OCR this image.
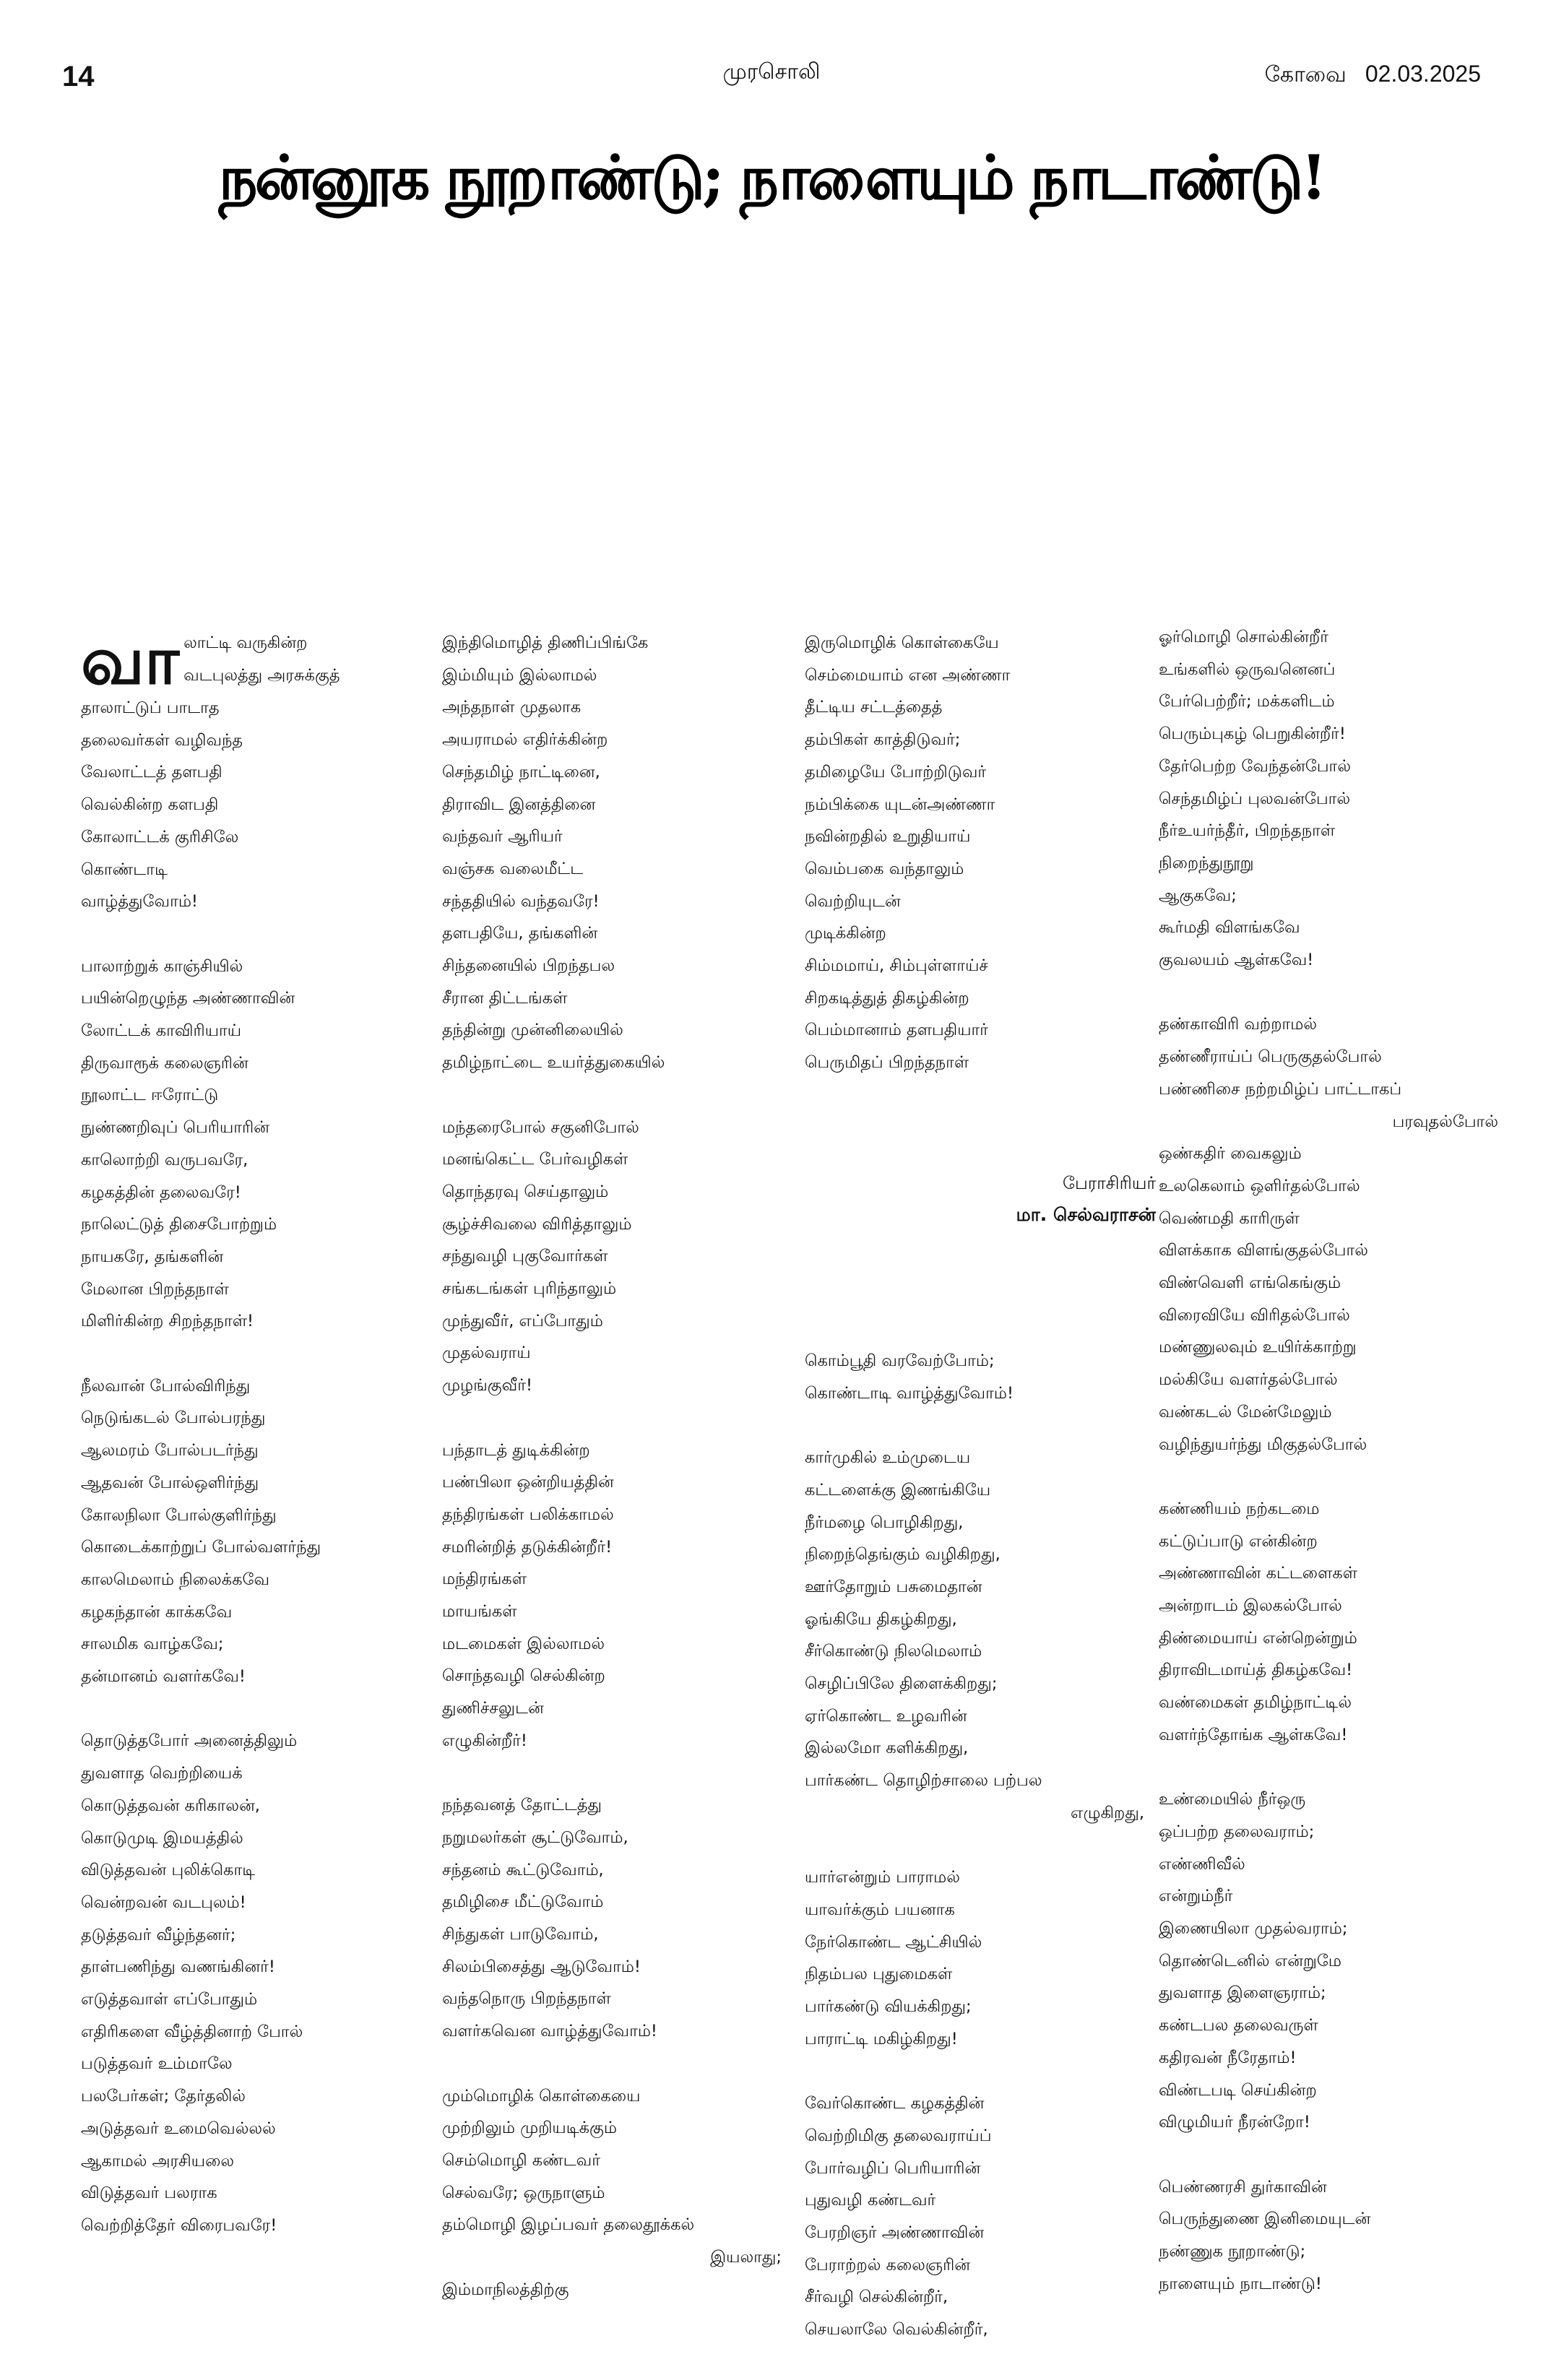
14	முரசொலி	கோவை 02.03.2025
நன்னூக நூறாண்டு; நாளையும் நாடாண்டு!
வா லாட்டி வருகின்ற

வடபுலத்து அரசுக்குத்

தாலாட்டுப் பாடாத

தலைவர்கள் வழிவந்த

வேலாட்டத் தளபதி

வெல்கின்ற களபதி

கோலாட்டக் குரிசிலே

கொண்டாடி

வாழ்த்துவோம்!

பாலாற்றுக் காஞ்சியில்

பயின்றெழுந்த அண்ணாவின்

லோட்டக் காவிரியாய்

திருவாரூக் கலைஞரின்

நூலாட்ட ஈரோட்டு

நுண்ணறிவுப் பெரியாரின்

காலொற்றி வருபவரே,

கழகத்தின் தலைவரே!

நாலெட்டுத் திசைபோற்றும்

நாயகரே, தங்களின்

மேலான பிறந்தநாள்

மிளிர்கின்ற சிறந்தநாள்!

நீலவான் போல்விரிந்து

நெடுங்கடல் போல்பரந்து

ஆலமரம் போல்படர்ந்து

ஆதவன் போல்ஒளிர்ந்து

கோலநிலா போல்குளிர்ந்து

கொடைக்காற்றுப் போல்வளர்ந்து

காலமெலாம் நிலைக்கவே

கழகந்தான் காக்கவே

சாலமிக வாழ்கவே;

தன்மானம் வளர்கவே!

தொடுத்தபோர் அனைத்திலும்

துவளாத வெற்றியைக்

கொடுத்தவன் கரிகாலன்,

கொடுமுடி இமயத்தில்

விடுத்தவன் புலிக்கொடி

வென்றவன் வடபுலம்!

தடுத்தவர் வீழ்ந்தனர்;

தாள்பணிந்து வணங்கினர்!

எடுத்தவாள் எப்போதும்

எதிரிகளை வீழ்த்தினாற் போல்

படுத்தவர் உம்மாலே

பலபேர்கள்; தேர்தலில்

அடுத்தவர் உமைவெல்லல்

ஆகாமல் அரசியலை

விடுத்தவர் பலராக

வெற்றித்தேர் விரைபவரே!

இந்திமொழித் திணிப்பிங்கே

இம்மியும் இல்லாமல்

அந்தநாள் முதலாக

அயராமல் எதிர்க்கின்ற

செந்தமிழ் நாட்டினை,

திராவிட இனத்தினை

வந்தவர் ஆரியர்

வஞ்சக வலைமீட்ட

சந்ததியில் வந்தவரே!

தளபதியே, தங்களின்

சிந்தனையில் பிறந்தபல

சீரான திட்டங்கள்

தந்தின்று முன்னிலையில்

தமிழ்நாட்டை உயர்த்துகையில்

மந்தரைபோல் சகுனிபோல்

மனங்கெட்ட பேர்வழிகள்

தொந்தரவு செய்தாலும்

சூழ்ச்சிவலை விரித்தாலும்

சந்துவழி புகுவோர்கள்

சங்கடங்கள் புரிந்தாலும்

முந்துவீர், எப்போதும்

முதல்வராய்

முழங்குவீர்!

பந்தாடத் துடிக்கின்ற

பண்பிலா ஒன்றியத்தின்

தந்திரங்கள் பலிக்காமல்

சமரின்றித் தடுக்கின்றீர்!

மந்திரங்கள்

மாயங்கள்

மடமைகள் இல்லாமல்

சொந்தவழி செல்கின்ற

துணிச்சலுடன்

எழுகின்றீர்!

நந்தவனத் தோட்டத்து

நறுமலர்கள் சூட்டுவோம்,

சந்தனம் கூட்டுவோம்,

தமிழிசை மீட்டுவோம்

சிந்துகள் பாடுவோம்,

சிலம்பிசைத்து ஆடுவோம்!

வந்தநொரு பிறந்தநாள்

வளர்கவென வாழ்த்துவோம்!

மும்மொழிக் கொள்கையை

முற்றிலும் முறியடிக்கும்

செம்மொழி கண்டவர்

செல்வரே; ஒருநாளும்

தம்மொழி இழப்பவர் தலைதூக்கல்

இயலாது;

இம்மாநிலத்திற்கு

இருமொழிக் கொள்கையே

செம்மையாம் என அண்ணா

தீட்டிய சட்டத்தைத்

தம்பிகள் காத்திடுவர்;

தமிழையே போற்றிடுவர்

நம்பிக்கை யுடன்அண்ணா

நவின்றதில் உறுதியாய்

வெம்பகை வந்தாலும்

வெற்றியுடன்

முடிக்கின்ற

சிம்மமாய், சிம்புள்ளாய்ச்

சிறகடித்துத் திகழ்கின்ற

பெம்மானாம் தளபதியார்

பெருமிதப் பிறந்தநாள்

கொம்பூதி வரவேற்போம்;

கொண்டாடி வாழ்த்துவோம்!

கார்முகில் உம்முடைய

கட்டளைக்கு இணங்கியே

நீர்மழை பொழிகிறது,

நிறைந்தெங்கும் வழிகிறது,

ஊர்தோறும் பசுமைதான்

ஓங்கியே திகழ்கிறது,

சீர்கொண்டு நிலமெலாம்

செழிப்பிலே திளைக்கிறது;

ஏர்கொண்ட உழவரின்

இல்லமோ களிக்கிறது,

பார்கண்ட தொழிற்சாலை பற்பல

எழுகிறது,

யார்என்றும் பாராமல்

யாவர்க்கும் பயனாக

நேர்கொண்ட ஆட்சியில்

நிதம்பல புதுமைகள்

பார்கண்டு வியக்கிறது;

பாராட்டி மகிழ்கிறது!

வேர்கொண்ட கழகத்தின்

வெற்றிமிகு தலைவராய்ப்

போர்வழிப் பெரியாரின்

புதுவழி கண்டவர்

பேரறிஞர் அண்ணாவின்

பேராற்றல் கலைஞரின்

சீர்வழி செல்கின்றீர்,

செயலாலே வெல்கின்றீர்,

ஓர்மொழி சொல்கின்றீர்

உங்களில் ஒருவனெனப்

பேர்பெற்றீர்; மக்களிடம்

பெரும்புகழ் பெறுகின்றீர்!

தேர்பெற்ற வேந்தன்போல்

செந்தமிழ்ப் புலவன்போல்

நீர்உயர்ந்தீர், பிறந்தநாள்

நிறைந்துநூறு

ஆகுகவே;

கூர்மதி விளங்கவே

குவலயம் ஆள்கவே!

தண்காவிரி வற்றாமல்

தண்ணீராய்ப் பெருகுதல்போல்

பண்ணிசை நற்றமிழ்ப் பாட்டாகப்

பரவுதல்போல்

ஒண்கதிர் வைகலும்

உலகெலாம் ஒளிர்தல்போல்

வெண்மதி காரிருள்

விளக்காக விளங்குதல்போல்

விண்வெளி எங்கெங்கும்

விரைவியே விரிதல்போல்

மண்ணுலவும் உயிர்க்காற்று

மல்கியே வளர்தல்போல்

வண்கடல் மேன்மேலும்

வழிந்துயர்ந்து மிகுதல்போல்

கண்ணியம் நற்கடமை

கட்டுப்பாடு என்கின்ற

அண்ணாவின் கட்டளைகள்

அன்றாடம் இலகல்போல்

திண்மையாய் என்றென்றும்

திராவிடமாய்த் திகழ்கவே!

வண்மைகள் தமிழ்நாட்டில்

வளர்ந்தோங்க ஆள்கவே!

உண்மையில் நீர்ஒரு

ஒப்பற்ற தலைவராம்;

எண்ணிவீல்

என்றும்நீர்

இணையிலா முதல்வராம்;

தொண்டெனில் என்றுமே

துவளாத இளைஞராம்;

கண்டபல தலைவருள்

கதிரவன் நீரேதாம்!

விண்டபடி செய்கின்ற

விழுமியர் நீரன்றோ!

பெண்ணரசி துர்காவின்

பெருந்துணை இனிமையுடன்

நண்ணுக நூறாண்டு;

நாளையும் நாடாண்டு!

பேராசிரியர்
மா. செல்வராசன்
